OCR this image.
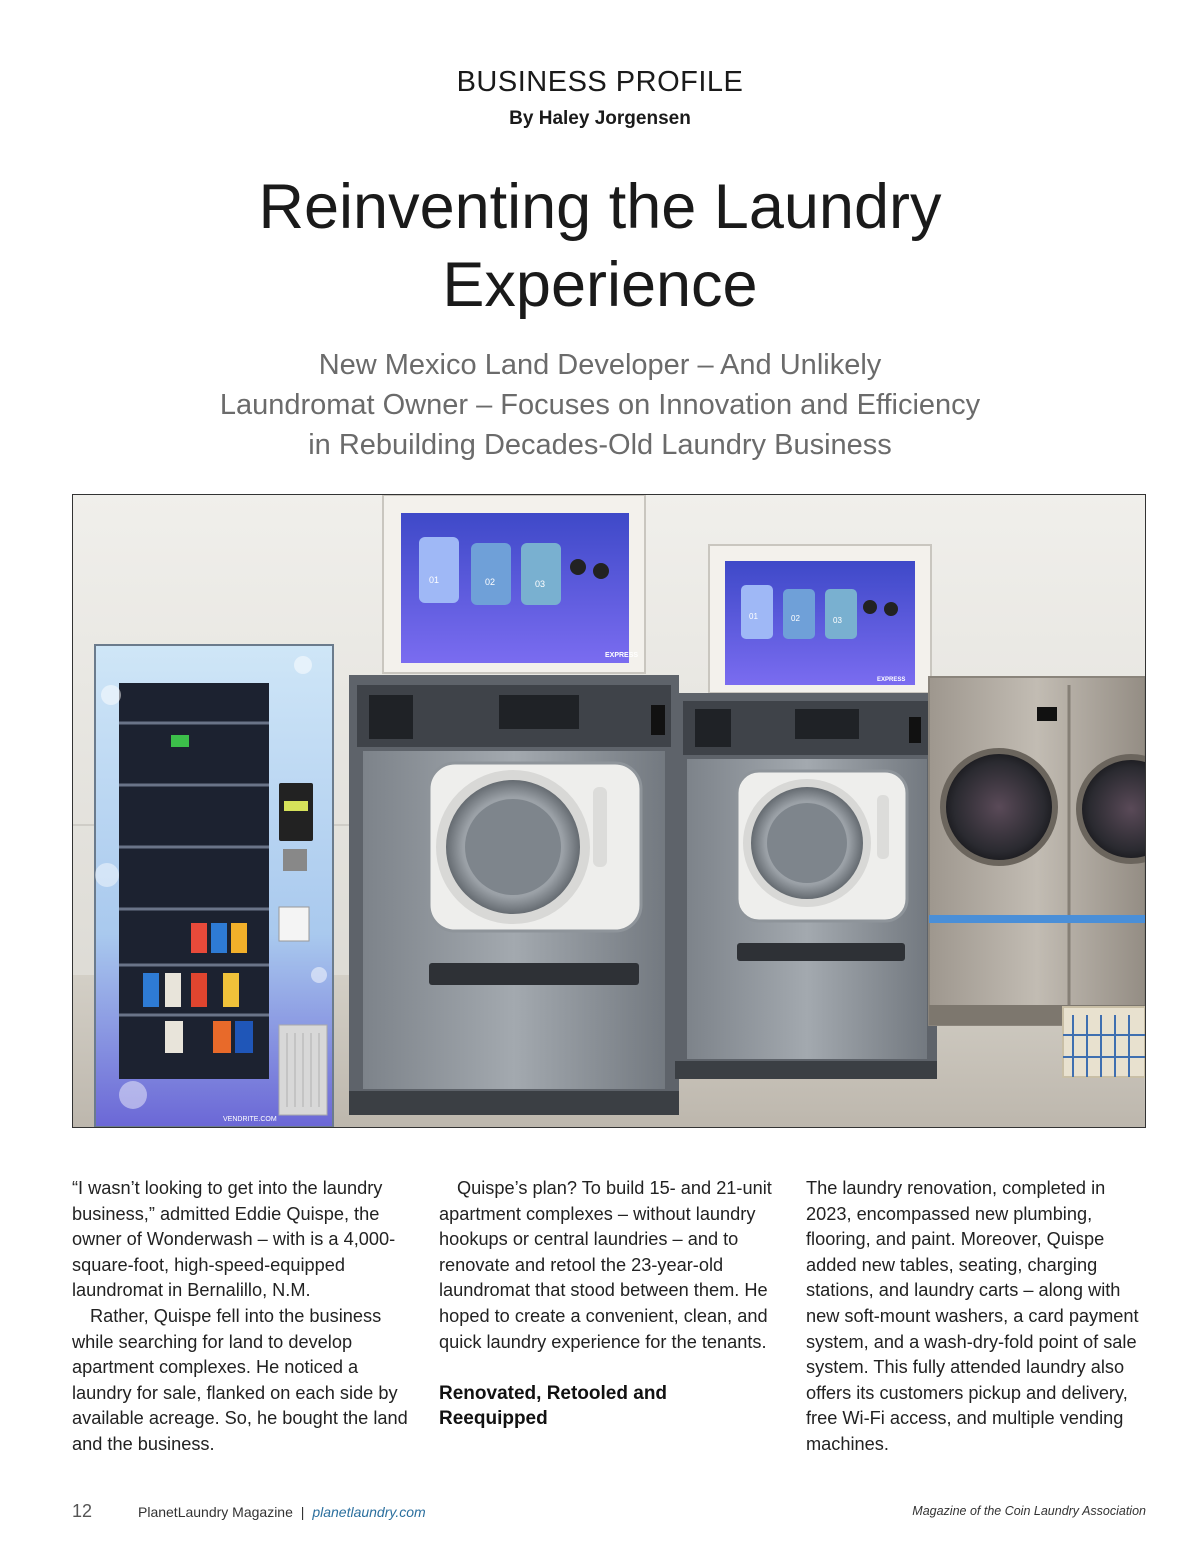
BUSINESS PROFILE
By Haley Jorgensen
Reinventing the Laundry
Experience

New Mexico Land Developer – And Unlikely
Laundromat Owner – Focuses on Innovation and Efficiency
in Rebuilding Decades-Old Laundry Business

VENDRITE.COM
01	02	03
EXPRESS
01	02	03
EXPRESS

“I wasn’t looking to get into the laundry business,” admitted Eddie Quispe, the owner of Wonderwash – with is a 4,000-square-foot, high-speed-equipped laundromat in Bernalillo, N.M.

Rather, Quispe fell into the business while searching for land to develop apartment complexes. He noticed a laundry for sale, flanked on each side by available acreage. So, he bought the land and the business.

Quispe’s plan? To build 15- and 21-unit apartment complexes – without laundry hookups or central laundries – and to renovate and retool the 23-year-old laundromat that stood between them. He hoped to create a convenient, clean, and quick laundry experience for the tenants.

Renovated, Retooled and Reequipped

The laundry renovation, completed in 2023, encompassed new plumbing, flooring, and paint. Moreover, Quispe added new tables, seating, charging stations, and laundry carts – along with new soft-mount washers, a card payment system, and a wash-dry-fold point of sale system. This fully attended laundry also offers its customers pickup and delivery, free Wi-Fi access, and multiple vending machines.

12	PlanetLaundry Magazine | planetlaundry.com	Magazine of the Coin Laundry Association
